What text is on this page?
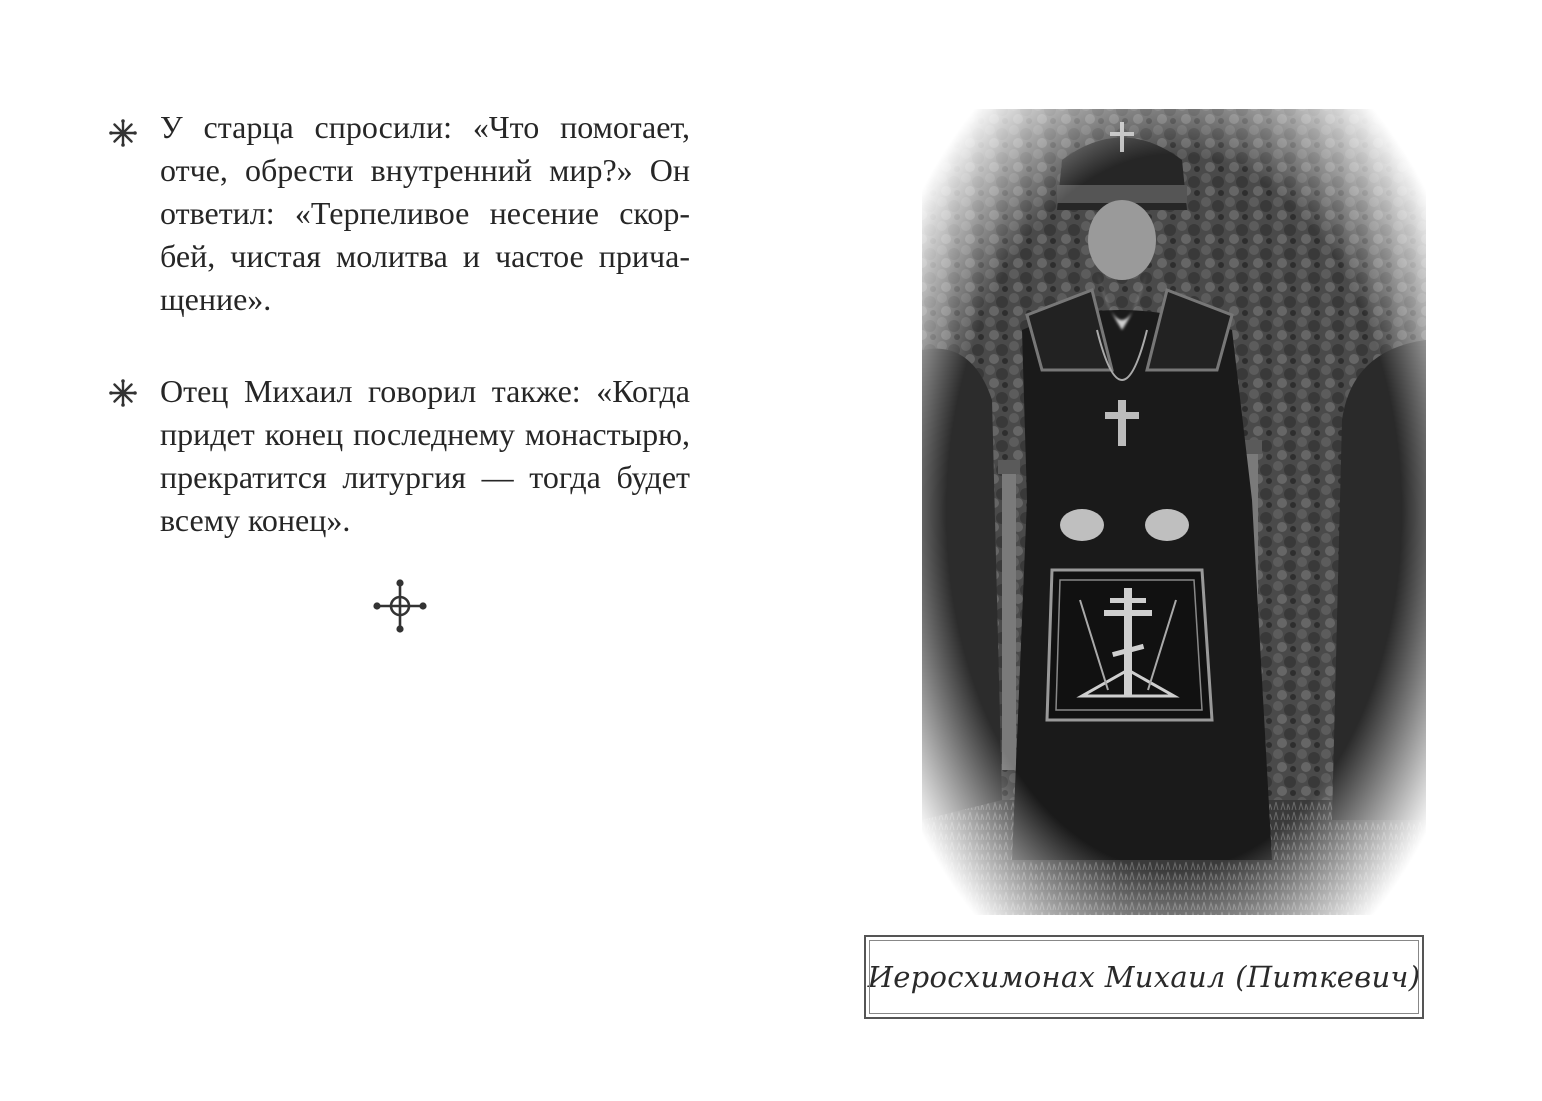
У старца спросили: «Что помогает,
отче, обрести внутренний мир?» Он
ответил: «Терпеливое несение скор-
бей, чистая молитва и частое прича-
щение».
Отец Михаил говорил также: «Когда
придет конец последнему монастырю,
прекратится литургия — тогда будет
всему конец».
Иеросхимонах Михаил (Питкевич)
